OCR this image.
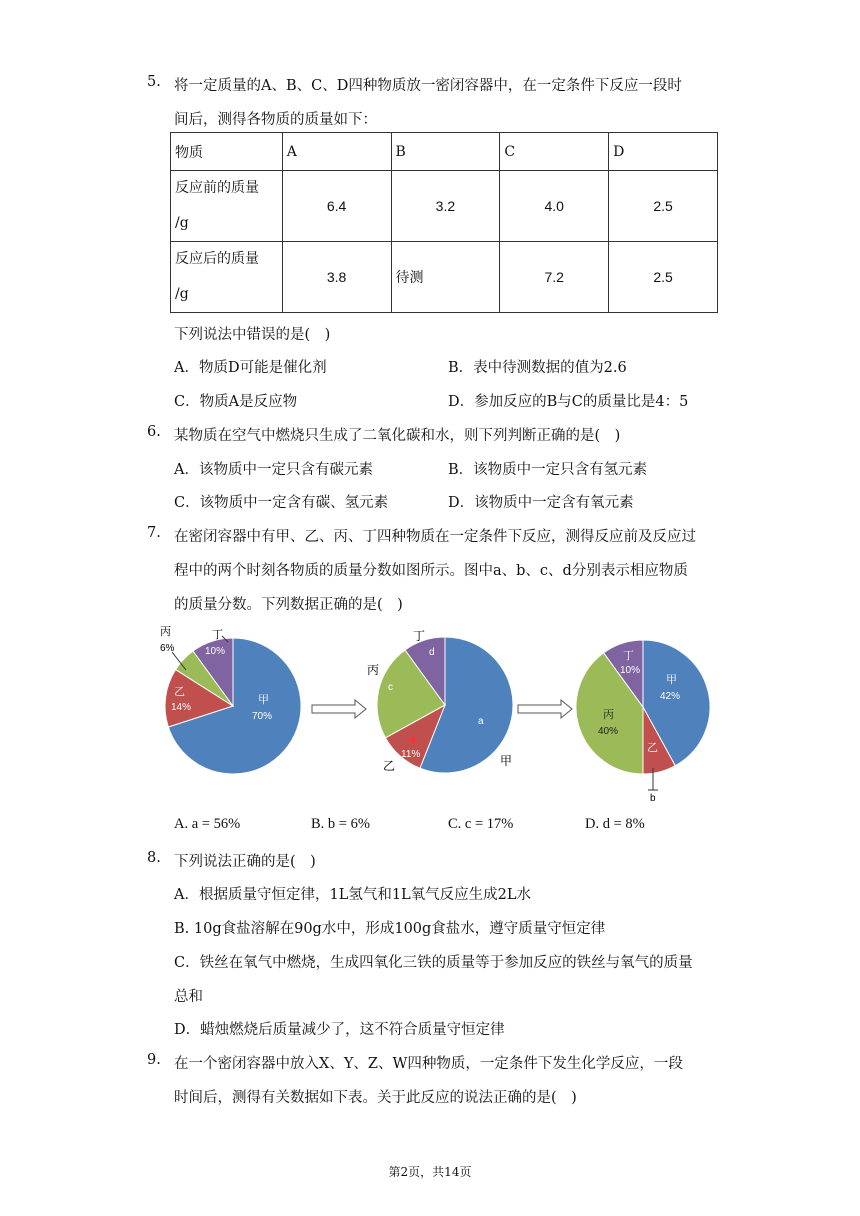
5. 将一定质量的A、B、C、D四种物质放一密闭容器中，在一定条件下反应一段时
间后，测得各物质的质量如下：
物质	A	B	C	D
反应前的质量
/g	6.4	3.2	4.0	2.5
反应后的质量
/g	3.8	待测	7.2	2.5
下列说法中错误的是(　)
A．物质D可能是催化剂	B．表中待测数据的值为2.6
C．物质A是反应物	D．参加反应的B与C的质量比是4：5
6. 某物质在空气中燃烧只生成了二氧化碳和水，则下列判断正确的是(　)
A．该物质中一定只含有碳元素	B．该物质中一定只含有氢元素
C．该物质中一定含有碳、氢元素	D．该物质中一定含有氧元素
7. 在密闭容器中有甲、乙、丙、丁四种物质在一定条件下反应，测得反应前及反应过
程中的两个时刻各物质的质量分数如图所示。图中a、b、c、d分别表示相应物质
的质量分数。下列数据正确的是(　)
丙
6%
丁
丙
丁
乙	甲
b
甲
70%
乙
14%
10%
a
c
d
11%
甲
42%
丙
40%
丁
10%
乙
✦
A. a = 56%	B. b = 6%	C. c = 17%	D. d = 8%
8. 下列说法正确的是(　)
A．根据质量守恒定律，1L氢气和1L氧气反应生成2L水
B. 10g食盐溶解在90g水中，形成100g食盐水，遵守质量守恒定律
C．铁丝在氧气中燃烧，生成四氧化三铁的质量等于参加反应的铁丝与氧气的质量
总和
D．蜡烛燃烧后质量减少了，这不符合质量守恒定律
9. 在一个密闭容器中放入X、Y、Z、W四种物质，一定条件下发生化学反应，一段
时间后，测得有关数据如下表。关于此反应的说法正确的是(　)
第2页，共14页
